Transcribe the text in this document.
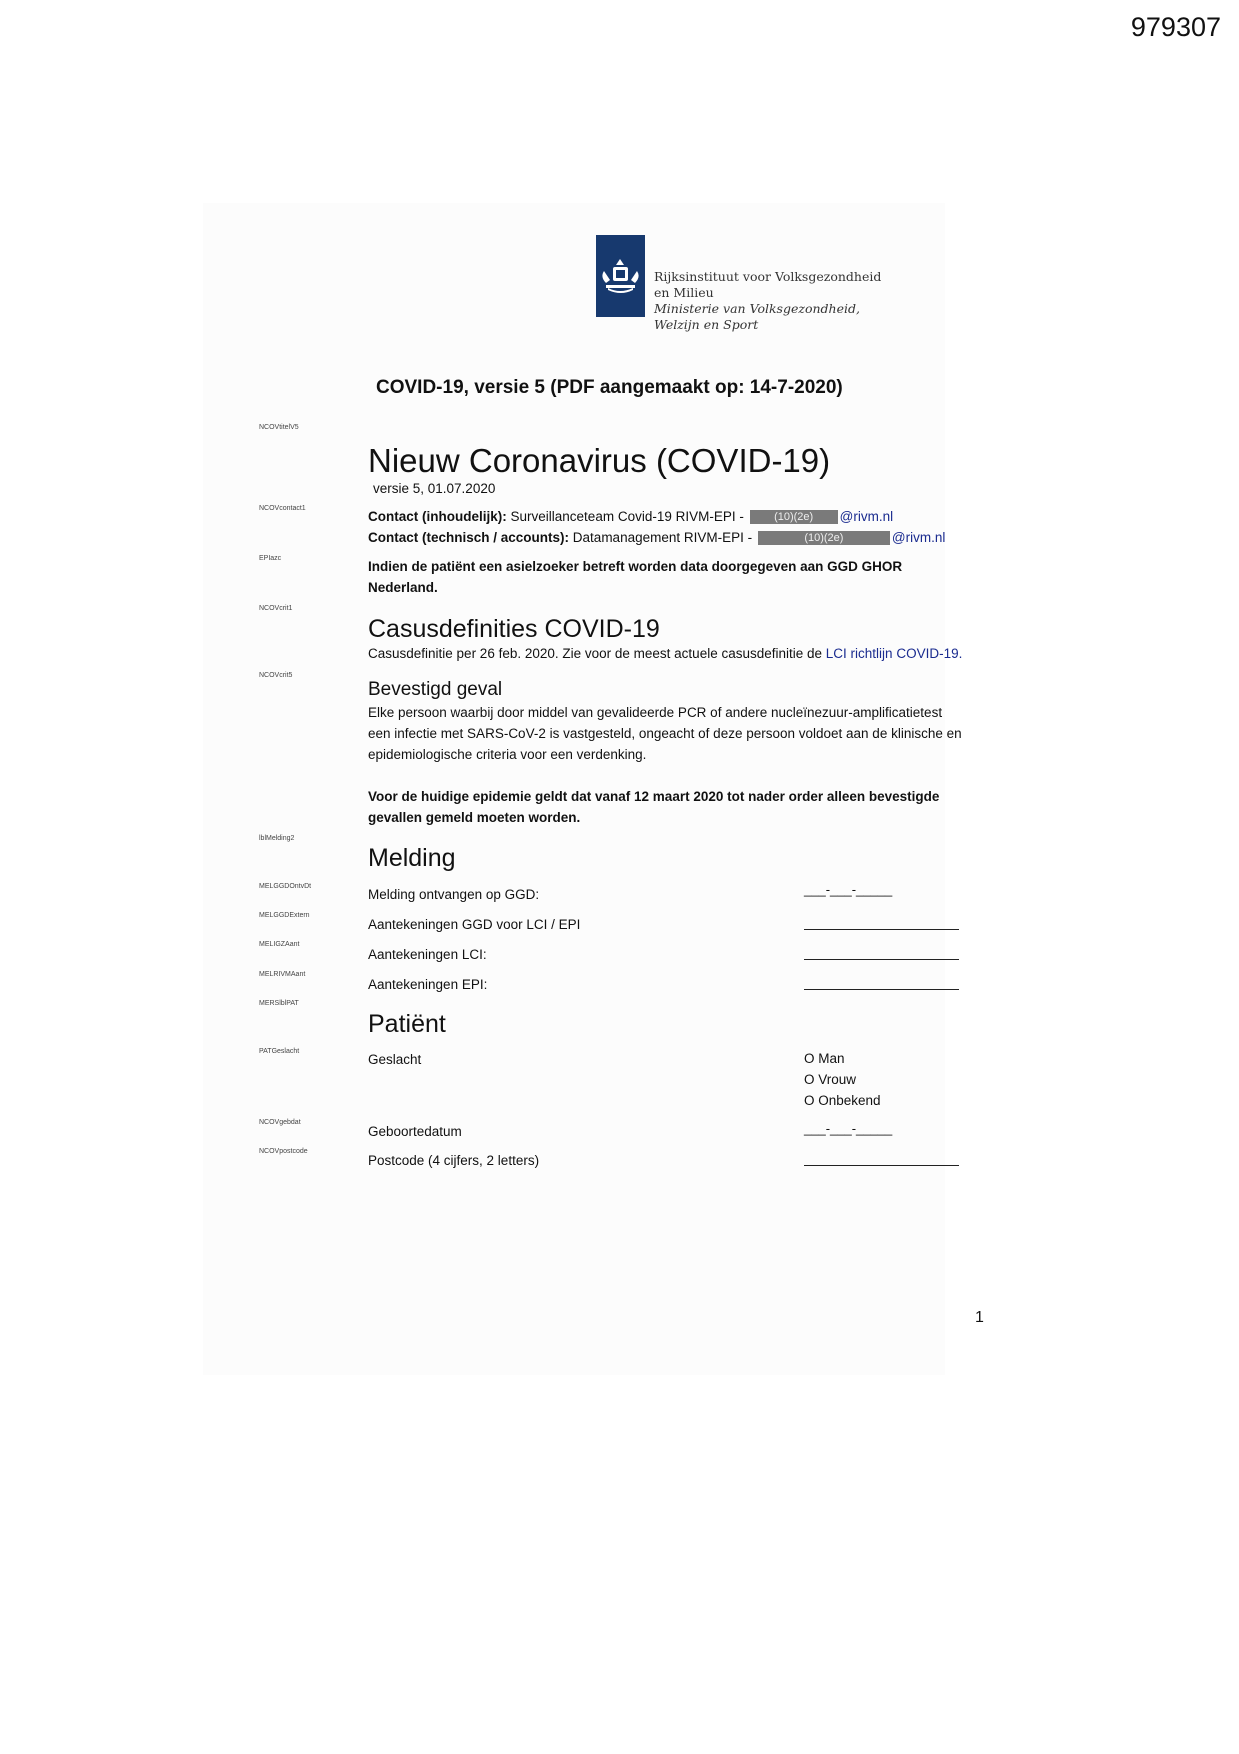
979307
Rijksinstituut voor Volksgezondheid
en Milieu
Ministerie van Volksgezondheid,
Welzijn en Sport
COVID-19, versie 5 (PDF aangemaakt op: 14-7-2020)
NCOVtitelV5
NCOVcontact1
EPIazc
NCOVcrit1
NCOVcrit5
lblMelding2
MELGGDOntvDt
MELGGDExtern
MELIGZAant
MELRIVMAant
MERSlblPAT
PATGeslacht
NCOVgebdat
NCOVpostcode
Nieuw Coronavirus (COVID-19)
versie 5, 01.07.2020
Contact (inhoudelijk): Surveillanceteam Covid-19 RIVM-EPI -	(10)(2e) @rivm.nl
Contact (technisch / accounts): Datamanagement RIVM-EPI -	(10)(2e)	@rivm.nl
Indien de patiënt een asielzoeker betreft worden data doorgegeven aan GGD GHOR
Nederland.
Casusdefinities COVID-19
Casusdefinitie per 26 feb. 2020. Zie voor de meest actuele casusdefinitie de LCI richtlijn COVID-19.
Bevestigd geval
Elke persoon waarbij door middel van gevalideerde PCR of andere nucleïnezuur-amplificatietest
een infectie met SARS-CoV-2 is vastgesteld, ongeacht of deze persoon voldoet aan de klinische en
epidemiologische criteria voor een verdenking.
Voor de huidige epidemie geldt dat vanaf 12 maart 2020 tot nader order alleen bevestigde
gevallen gemeld moeten worden.
Melding
Melding ontvangen op GGD:	___-___-_____
Aantekeningen GGD voor LCI / EPI
Aantekeningen LCI:
Aantekeningen EPI:
Patiënt
Geslacht	O Man
O Vrouw
O Onbekend
Geboortedatum	___-___-_____
Postcode (4 cijfers, 2 letters)
1
